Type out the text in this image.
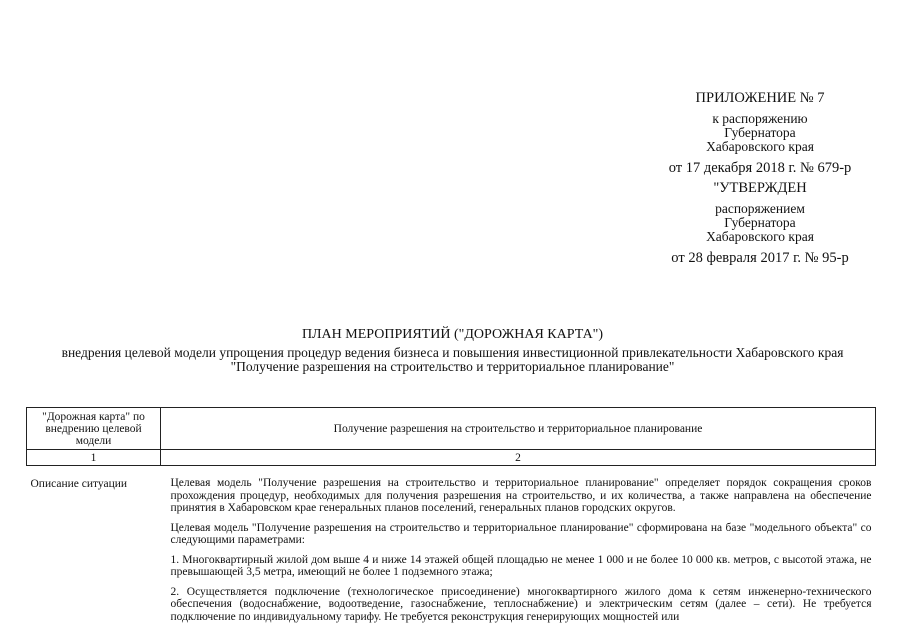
ПРИЛОЖЕНИЕ № 7
к распоряжению
Губернатора
Хабаровского края
от 17 декабря 2018 г. № 679-р
"УТВЕРЖДЕН
распоряжением
Губернатора
Хабаровского края
от 28 февраля 2017 г. № 95-р
ПЛАН МЕРОПРИЯТИЙ ("ДОРОЖНАЯ КАРТА")
внедрения целевой модели упрощения процедур ведения бизнеса и повышения инвестиционной привлекательности Хабаровского края "Получение разрешения на строительство и территориальное планирование"
"Дорожная карта" по внедрению целевой модели	Получение разрешения на строительство и территориальное планирование
1	2
Описание ситуации	Целевая модель "Получение разрешения на строительство и территориальное планирование" определяет порядок сокращения сроков прохождения процедур, необходимых для получения разрешения на строительство, и их количества, а также направлена на обеспечение принятия в Хабаровском крае генеральных планов поселений, генеральных планов городских округов.

Целевая модель "Получение разрешения на строительство и территориальное планирование" сформирована на базе "модельного объекта" со следующими параметрами:

1. Многоквартирный жилой дом выше 4 и ниже 14 этажей общей площадью не менее 1 000 и не более 10 000 кв. метров, с высотой этажа, не превышающей 3,5 метра, имеющий не более 1 подземного этажа;

2. Осуществляется подключение (технологическое присоединение) многоквартирного жилого дома к сетям инженерно-технического обеспечения (водоснабжение, водоотведение, газоснабжение, теплоснабжение) и электрическим сетям (далее – сети). Не требуется подключение по индивидуальному тарифу. Не требуется реконструкция генерирующих мощностей или
